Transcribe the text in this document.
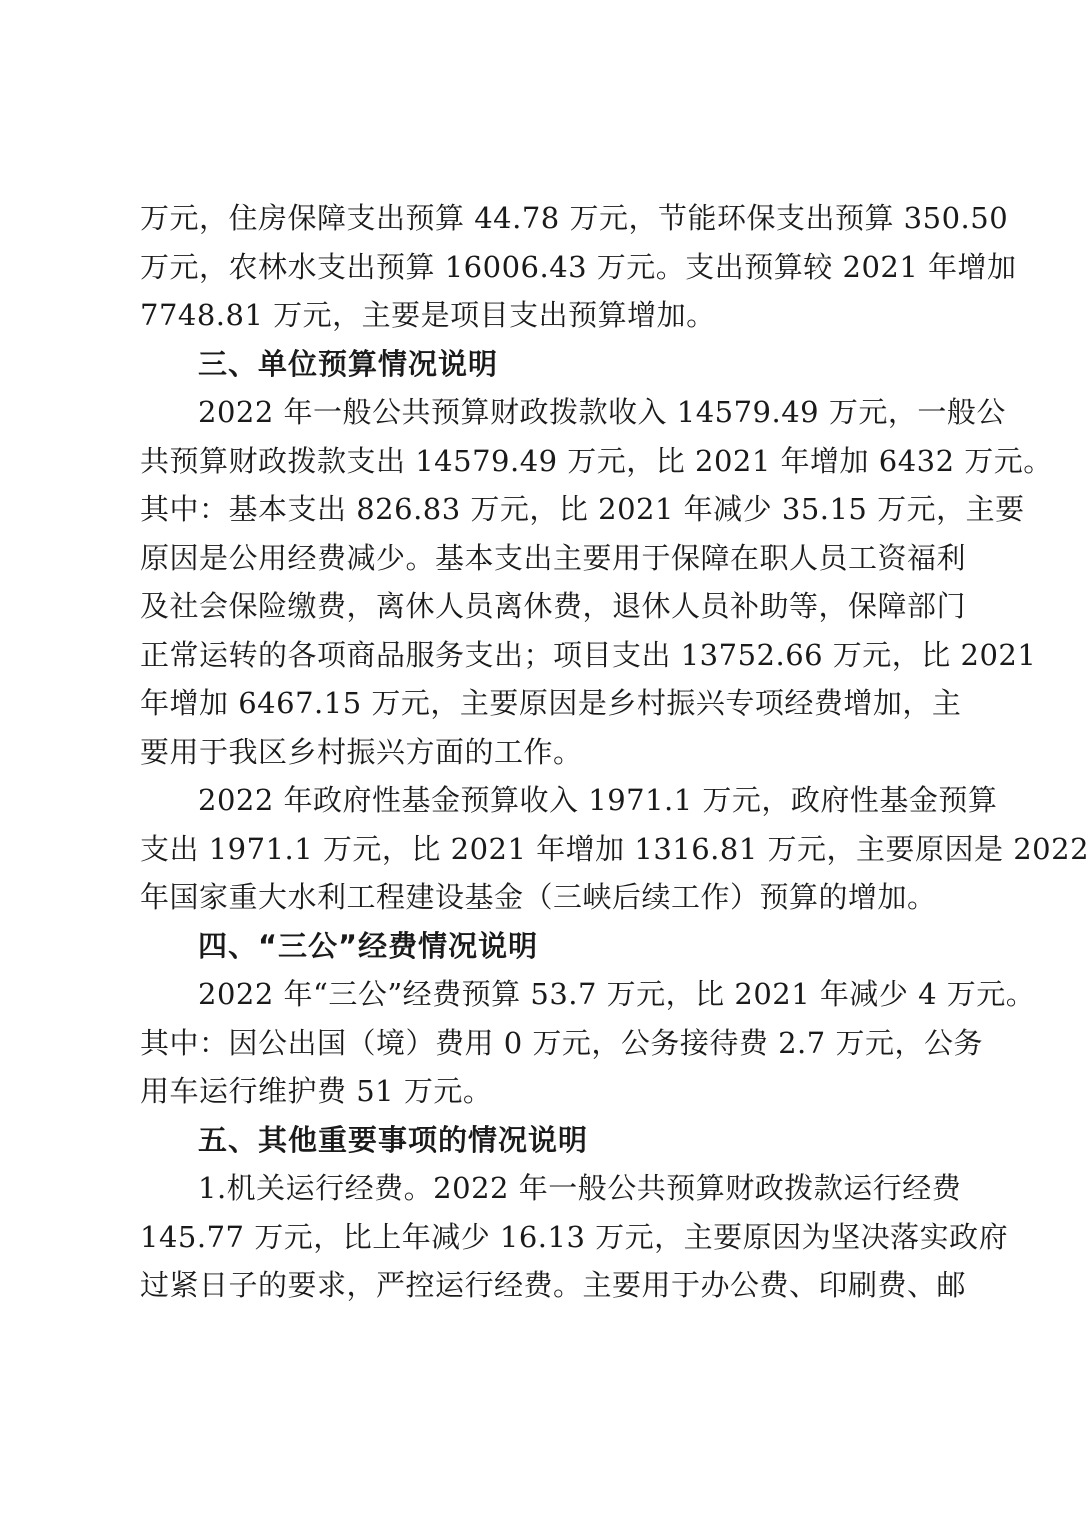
万元，住房保障支出预算 44.78 万元，节能环保支出预算 350.50
万元，农林水支出预算 16006.43 万元。支出预算较 2021 年增加
7748.81 万元，主要是项目支出预算增加。
三、单位预算情况说明
2022 年一般公共预算财政拨款收入 14579.49 万元，一般公
共预算财政拨款支出 14579.49 万元，比 2021 年增加 6432 万元。
其中：基本支出 826.83 万元，比 2021 年减少 35.15 万元，主要
原因是公用经费减少。基本支出主要用于保障在职人员工资福利
及社会保险缴费，离休人员离休费，退休人员补助等，保障部门
正常运转的各项商品服务支出；项目支出 13752.66 万元，比 2021
年增加 6467.15 万元，主要原因是乡村振兴专项经费增加，主
要用于我区乡村振兴方面的工作。
2022 年政府性基金预算收入 1971.1 万元，政府性基金预算
支出 1971.1 万元，比 2021 年增加 1316.81 万元，主要原因是 2022
年国家重大水利工程建设基金（三峡后续工作）预算的增加。
四、“三公”经费情况说明
2022 年“三公”经费预算 53.7 万元，比 2021 年减少 4 万元。
其中：因公出国（境）费用 0 万元，公务接待费 2.7 万元，公务
用车运行维护费 51 万元。
五、其他重要事项的情况说明
1.机关运行经费。2022 年一般公共预算财政拨款运行经费
145.77 万元，比上年减少 16.13 万元，主要原因为坚决落实政府
过紧日子的要求，严控运行经费。主要用于办公费、印刷费、邮
